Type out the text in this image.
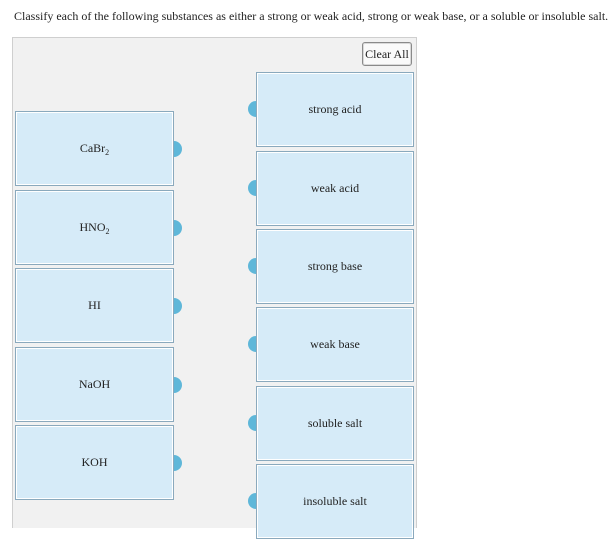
Classify each of the following substances as either a strong or weak acid, strong or weak base, or a soluble or insoluble salt.
Clear All
CaBr$_2$
$HNO_2$
HI
NaOH
KOH
strong acid
weak acid
strong base
weak base
soluble salt
insoluble salt
